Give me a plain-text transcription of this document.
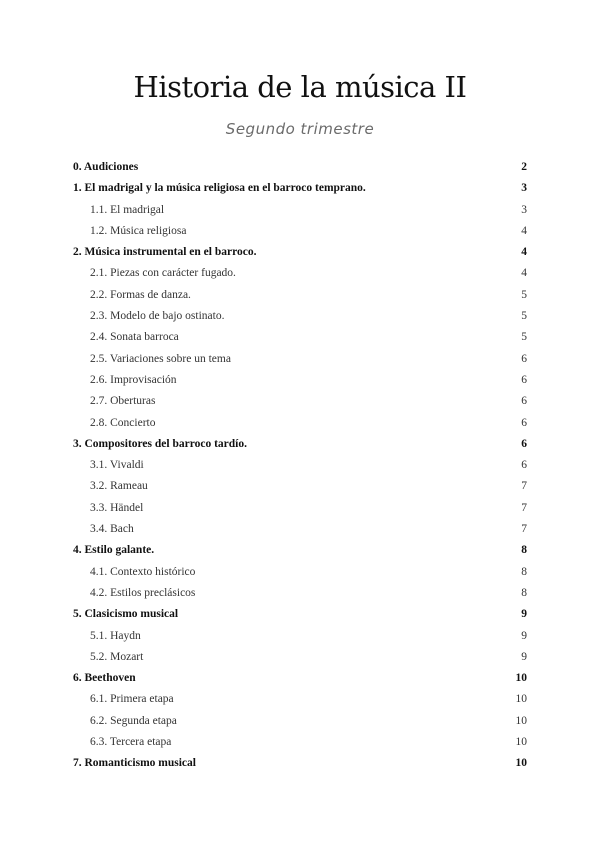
Historia de la música II
Segundo trimestre
0. Audiciones	2
1. El madrigal y la música religiosa en el barroco temprano.	3
1.1. El madrigal	3
1.2. Música religiosa	4
2. Música instrumental en el barroco.	4
2.1. Piezas con carácter fugado.	4
2.2. Formas de danza.	5
2.3. Modelo de bajo ostinato.	5
2.4. Sonata barroca	5
2.5. Variaciones sobre un tema	6
2.6. Improvisación	6
2.7. Oberturas	6
2.8. Concierto	6
3. Compositores del barroco tardío.	6
3.1. Vivaldi	6
3.2. Rameau	7
3.3. Händel	7
3.4. Bach	7
4. Estilo galante.	8
4.1. Contexto histórico	8
4.2. Estilos preclásicos	8
5. Clasicismo musical	9
5.1. Haydn	9
5.2. Mozart	9
6. Beethoven	10
6.1. Primera etapa	10
6.2. Segunda etapa	10
6.3. Tercera etapa	10
7. Romanticismo musical	10
